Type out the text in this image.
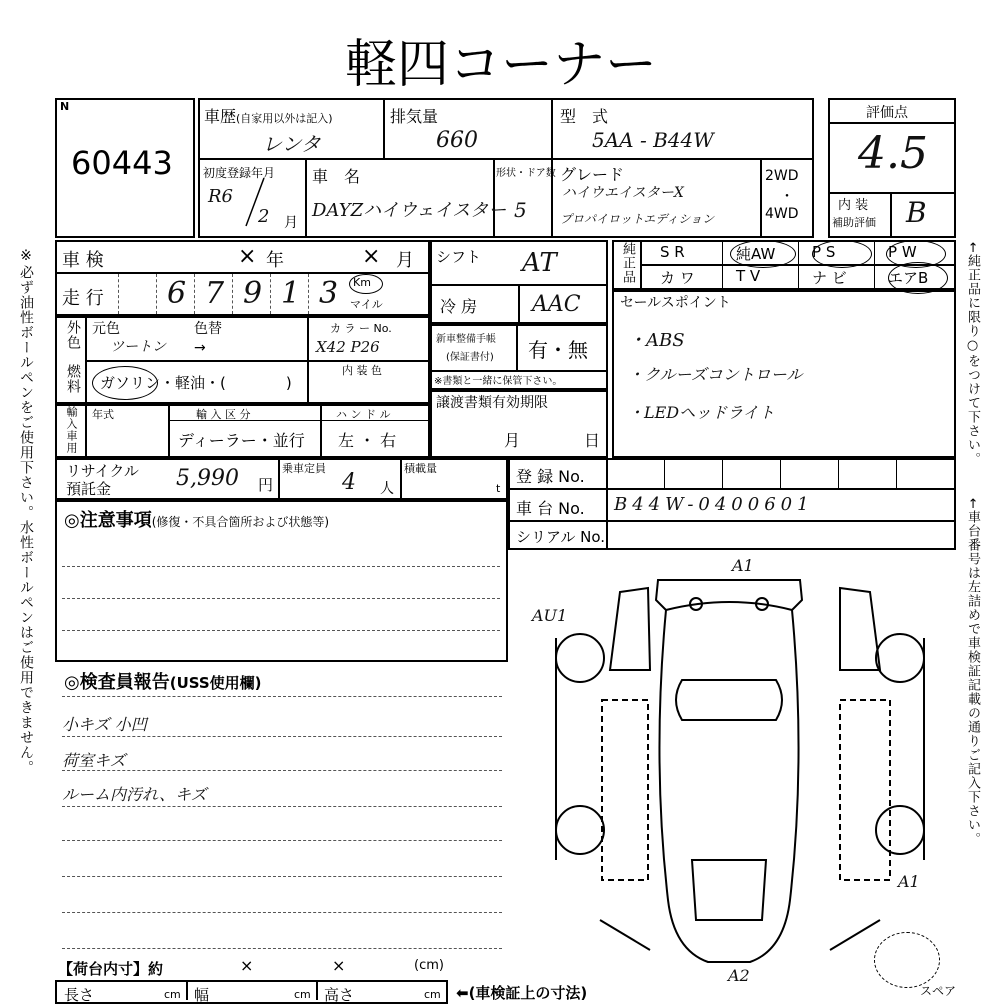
軽四コーナー
※必ず油性ボールペンをご使用下さい。水性ボールペンはご使用できません。	←純正品に限り○をつけて下さい。
←車台番号は左詰めで車検証記載の通りご記入下さい。
N
60443
車歴(自家用以外は記入)
レンタ
排気量
660
型　式
5AA - B44W
初度登録年月
R6
2 月
車　名
DAYZハイウェイスター
形状・ドア数
5
グレード
ハイウエイスターX
プロパイロットエディション
2WD
・
4WD
評価点
4.5
内 装
補助評価 B
車 検	× 年	× 月
走 行 6 7 9 1 3 Km
マイル
シフト AT
冷 房 AAC
純正品 S R	純AW P S	P W
カ ワ	T V	ナ ビ	エアB
セールスポイント
・ABS
・クルーズコントロール
・LEDヘッドライト
外色 元色
ツートン
色替
→
カ ラ ー No.
X42 P26
燃料 ガソリン・軽油・(　　　　)
内 装 色
新車整備手帳
(保証書付) 有・無
※書類と一緒に保管下さい。
輸入車用 年式	輸 入 区 分
ディーラー・並行
ハ ン ド ル
左 ・ 右
譲渡書類有効期限
月	日
リサイクル
預託金	5,990 円
乗車定員
4 人
積載量
t
登 録 No.
車 台 No. B44W-0400601
シリアル No.
◎注意事項(修復・不具合箇所および状態等)
◎検査員報告(USS使用欄)
小キズ 小凹
荷室キズ
ルーム内汚れ、キズ
A1
AU1
A1
A2
スペア
【荷台内寸】約	×	×	(cm)
長さ	cm 幅	cm 高さ	cm ⬅(車検証上の寸法)
